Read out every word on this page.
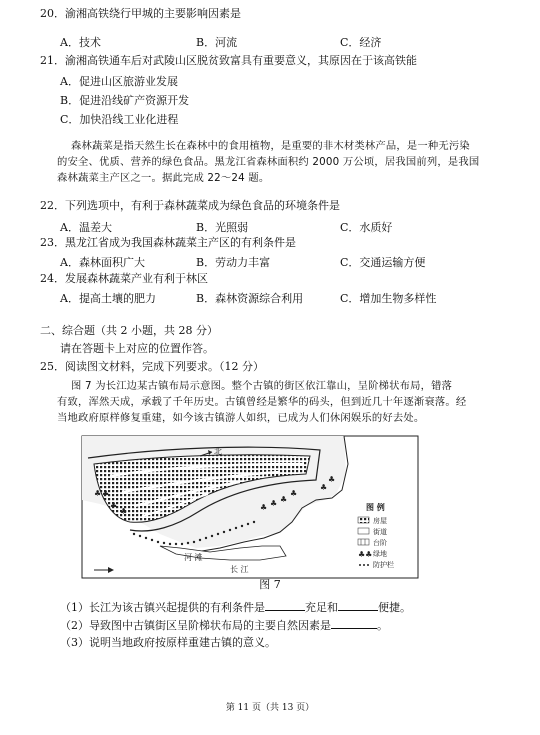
20．渝湘高铁绕行甲城的主要影响因素是
A．技术	B．河流	C．经济
21．渝湘高铁通车后对武陵山区脱贫致富具有重要意义，其原因在于该高铁能
A．促进山区旅游业发展
B．促进沿线矿产资源开发
C．加快沿线工业化进程
森林蔬菜是指天然生长在森林中的食用植物，是重要的非木材类林产品，是一种无污染
的安全、优质、营养的绿色食品。黑龙江省森林面积约 2000 万公顷，居我国前列，是我国
森林蔬菜主产区之一。据此完成 22～24 题。
22．下列选项中，有利于森林蔬菜成为绿色食品的环境条件是
A．温差大	B．光照弱	C．水质好
23．黑龙江省成为我国森林蔬菜主产区的有利条件是
A．森林面积广大	B．劳动力丰富	C．交通运输方便
24．发展森林蔬菜产业有利于林区
A．提高土壤的肥力	B．森林资源综合利用	C．增加生物多样性
二、综合题（共 2 小题，共 28 分）
请在答题卡上对应的位置作答。
25．阅读图文材料，完成下列要求。（12 分）
图 7 为长江边某古镇布局示意图。整个古镇的街区依江靠山，呈阶梯状布局，错落
有致，浑然天成，承载了千年历史。古镇曾经是繁华的码头，但到近几十年逐渐衰落。经
当地政府原样修复重建，如今该古镇游人如织，已成为人们休闲娱乐的好去处。
♣ ♣
♣
♣	♣ ♣ ♣
♣
♣
♣
北
河 滩
长 江
图 例
房屋
街道
台阶
♣♣ 绿地
防护栏
图 7
（1）长江为该古镇兴起提供的有利条件是	充足和	便捷。
（2）导致图中古镇街区呈阶梯状布局的主要自然因素是	。
（3）说明当地政府按原样重建古镇的意义。
第 11 页（共 13 页）
